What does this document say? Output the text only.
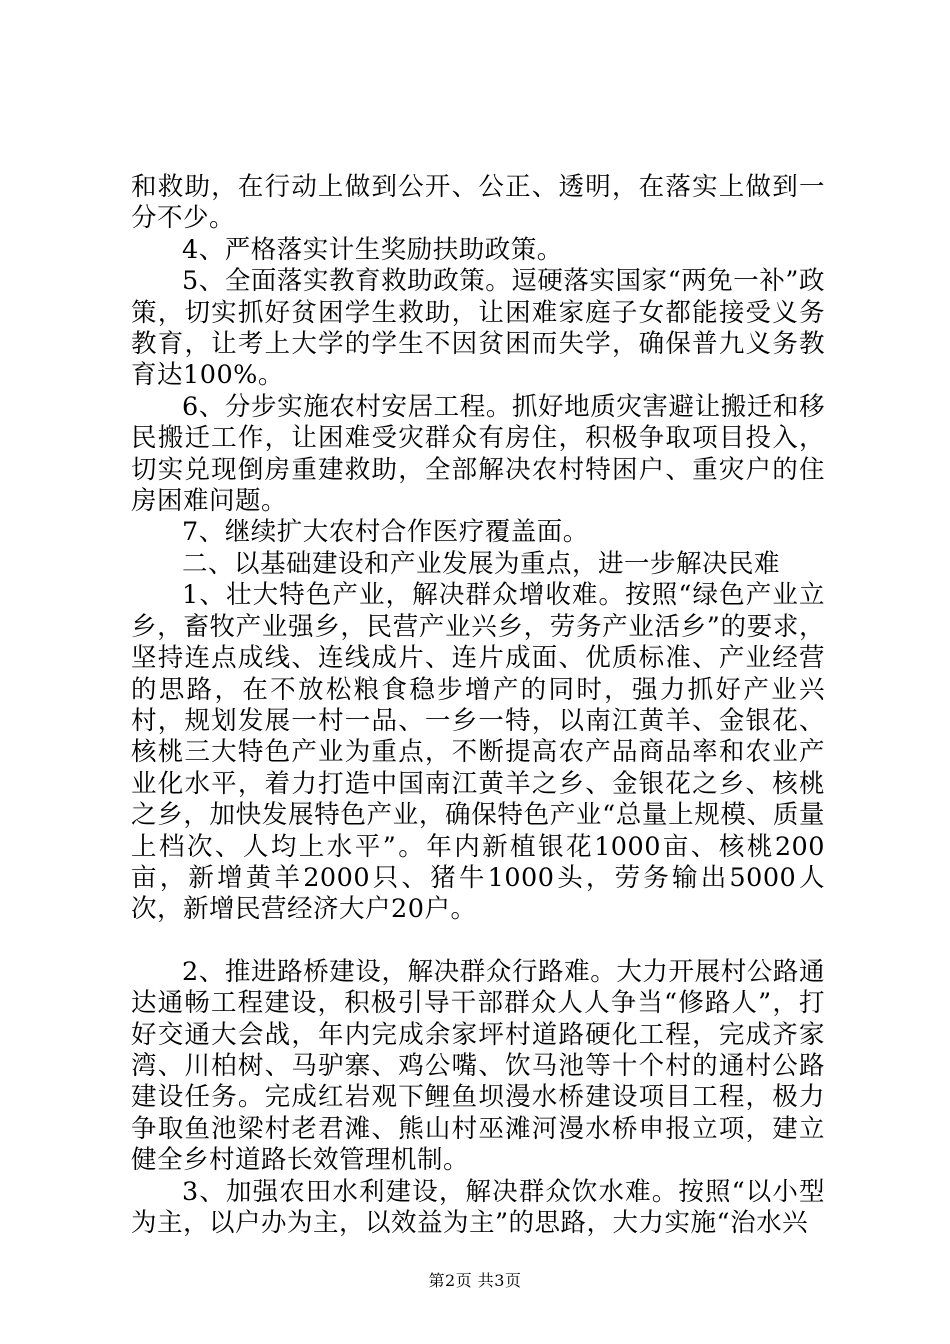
和救助，在行动上做到公开、公正、透明，在落实上做到一分不少。

4、严格落实计生奖励扶助政策。

5、全面落实教育救助政策。逗硬落实国家“两免一补”政策，切实抓好贫困学生救助，让困难家庭子女都能接受义务教育，让考上大学的学生不因贫困而失学，确保普九义务教育达100%。

6、分步实施农村安居工程。抓好地质灾害避让搬迁和移民搬迁工作，让困难受灾群众有房住，积极争取项目投入，切实兑现倒房重建救助，全部解决农村特困户、重灾户的住房困难问题。

7、继续扩大农村合作医疗覆盖面。

二、以基础建设和产业发展为重点，进一步解决民难

1、壮大特色产业，解决群众增收难。按照“绿色产业立乡，畜牧产业强乡，民营产业兴乡，劳务产业活乡”的要求，坚持连点成线、连线成片、连片成面、优质标准、产业经营的思路，在不放松粮食稳步增产的同时，强力抓好产业兴村，规划发展一村一品、一乡一特，以南江黄羊、金银花、核桃三大特色产业为重点，不断提高农产品商品率和农业产业化水平，着力打造中国南江黄羊之乡、金银花之乡、核桃之乡，加快发展特色产业，确保特色产业“总量上规模、质量上档次、人均上水平”。年内新植银花1000亩、核桃200亩，新增黄羊2000只、猪牛1000头，劳务输出5000人次，新增民营经济大户20户。

2、推进路桥建设，解决群众行路难。大力开展村公路通达通畅工程建设，积极引导干部群众人人争当“修路人”，打好交通大会战，年内完成余家坪村道路硬化工程，完成齐家湾、川柏树、马驴寨、鸡公嘴、饮马池等十个村的通村公路建设任务。完成红岩观下鲤鱼坝漫水桥建设项目工程，极力争取鱼池梁村老君滩、熊山村巫滩河漫水桥申报立项，建立健全乡村道路长效管理机制。

3、加强农田水利建设，解决群众饮水难。按照“以小型为主，以户办为主，以效益为主”的思路，大力实施“治水兴

第2页 共3页
